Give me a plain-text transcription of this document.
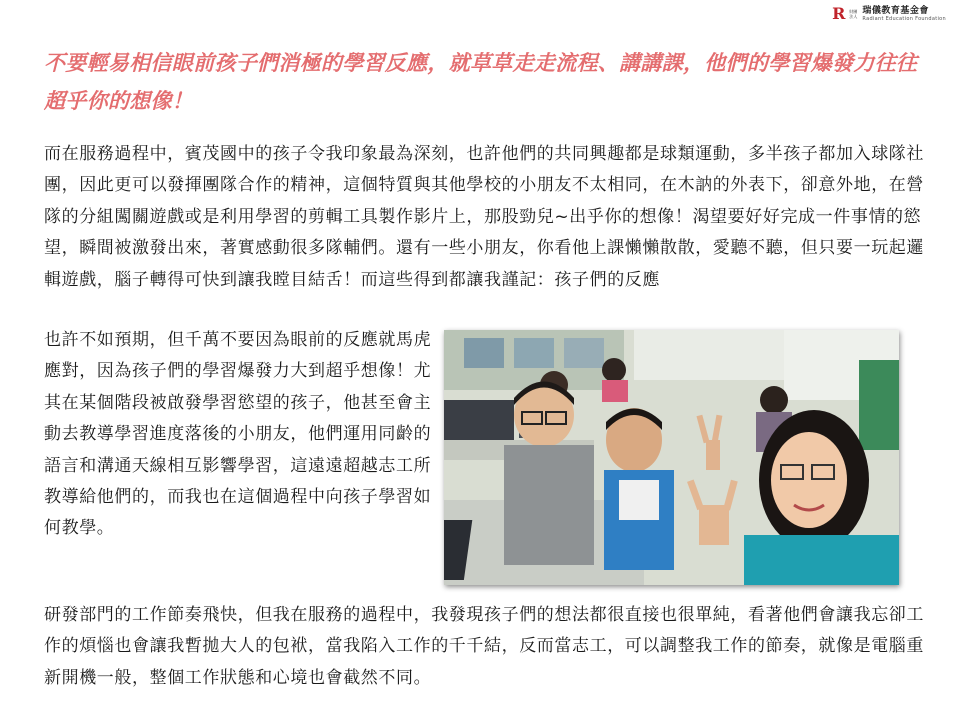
R 財團法人
瑞儀教育基金會
Radiant Education Foundation
不要輕易相信眼前孩子們消極的學習反應，就草草走走流程、講講課，他們的學習爆發力往往超乎你的想像！

而在服務過程中，賓茂國中的孩子令我印象最為深刻，也許他們的共同興趣都是球類運動，多半孩子都加入球隊社團，因此更可以發揮團隊合作的精神，這個特質與其他學校的小朋友不太相同，在木訥的外表下，卻意外地，在營隊的分組闖關遊戲或是利用學習的剪輯工具製作影片上，那股勁兒~出乎你的想像！渴望要好好完成一件事情的慾望，瞬間被激發出來，著實感動很多隊輔們。還有一些小朋友，你看他上課懶懶散散，愛聽不聽，但只要一玩起邏輯遊戲，腦子轉得可快到讓我瞠目結舌！而這些得到都讓我謹記：孩子們的反應

也許不如預期，但千萬不要因為眼前的反應就馬虎應對，因為孩子們的學習爆發力大到超乎想像！尤其在某個階段被啟發學習慾望的孩子，他甚至會主動去教導學習進度落後的小朋友，他們運用同齡的語言和溝通天線相互影響學習，這遠遠超越志工所教導給他們的，而我也在這個過程中向孩子學習如何教學。

研發部門的工作節奏飛快，但我在服務的過程中，我發現孩子們的想法都很直接也很單純，看著他們會讓我忘卻工作的煩惱也會讓我暫拋大人的包袱，當我陷入工作的千千結，反而當志工，可以調整我工作的節奏，就像是電腦重新開機一般，整個工作狀態和心境也會截然不同。
